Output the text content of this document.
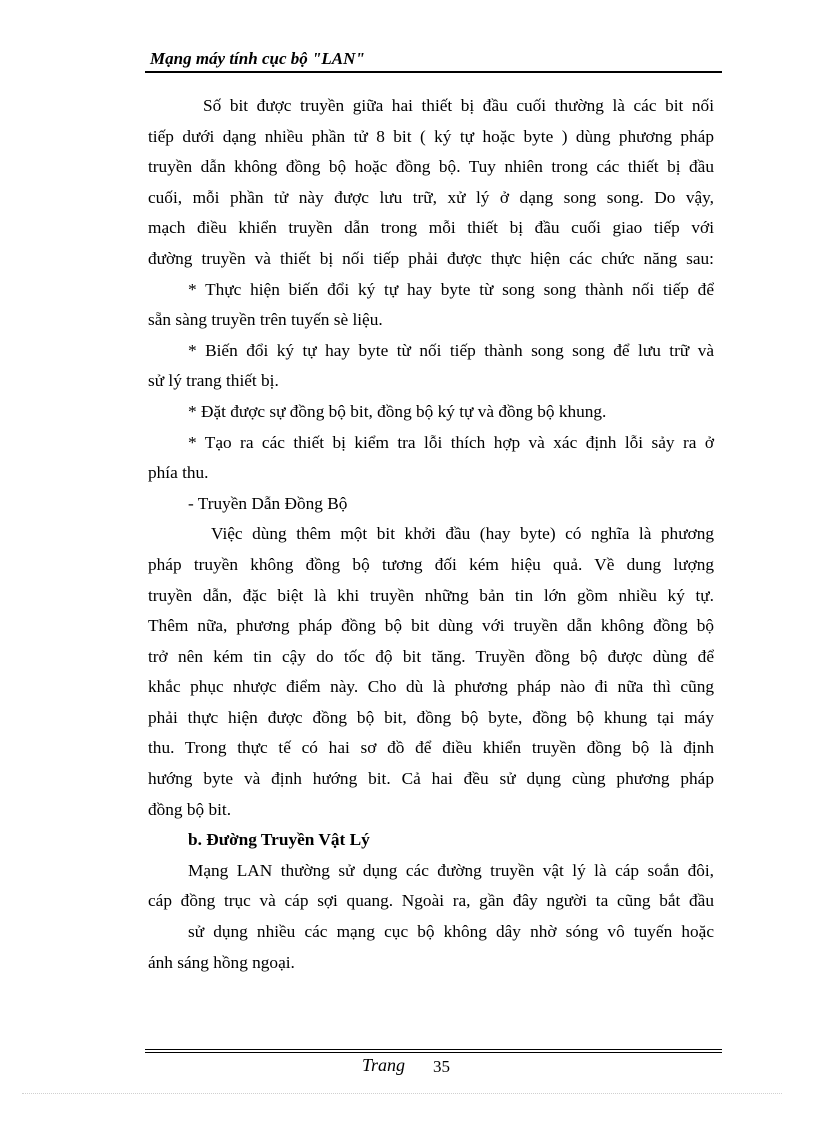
Mạng máy tính cục bộ "LAN"
Số bit được truyền giữa hai thiết bị đầu cuối thường là các bit nối
tiếp dưới dạng nhiều phần tử 8 bit ( ký tự hoặc byte ) dùng phương pháp
truyền dẫn không đồng bộ hoặc đồng bộ. Tuy nhiên trong các thiết bị đầu
cuối, mỗi phần tử này được lưu trữ, xử lý ở dạng song song. Do vậy,
mạch điều khiển truyền dẫn trong mỗi thiết bị đầu cuối giao tiếp với
đường truyền và thiết bị nối tiếp phải được thực hiện các chức năng sau:
* Thực hiện biến đổi ký tự hay byte từ song song thành nối tiếp để
sẵn sàng truyền trên tuyến sè liệu.
* Biến đổi ký tự hay byte từ nối tiếp thành song song để lưu trữ và
sử lý trang thiết bị.
* Đặt được sự đồng bộ bit, đồng bộ ký tự và đồng bộ khung.
* Tạo ra các thiết bị kiểm tra lỗi thích hợp và xác định lỗi sảy ra ở
phía thu.
- Truyền Dẫn Đồng Bộ
Việc dùng thêm một bit khởi đầu (hay byte) có nghĩa là phương
pháp truyền không đồng bộ tương đối kém hiệu quả. Về dung lượng
truyền dẫn, đặc biệt là khi truyền những bản tin lớn gồm nhiều ký tự.
Thêm nữa, phương pháp đồng bộ bit dùng với truyền dẫn không đồng bộ
trở nên kém tin cậy do tốc độ bit tăng. Truyền đồng bộ được dùng để
khắc phục nhược điểm này. Cho dù là phương pháp nào đi nữa thì cũng
phải thực hiện được đồng bộ bit, đồng bộ byte, đồng bộ khung tại máy
thu. Trong thực tế có hai sơ đồ để điều khiển truyền đồng bộ là định
hướng byte và định hướng bit. Cả hai đều sử dụng cùng phương pháp
đồng bộ bit.
b. Đường Truyền Vật Lý
Mạng LAN thường sử dụng các đường truyền vật lý là cáp soắn đôi,
cáp đồng trục và cáp sợi quang. Ngoài ra, gần đây người ta cũng bắt đầu
sử dụng nhiều các mạng cục bộ không dây nhờ sóng vô tuyến hoặc
ánh sáng hồng ngoại.
Trang 35
